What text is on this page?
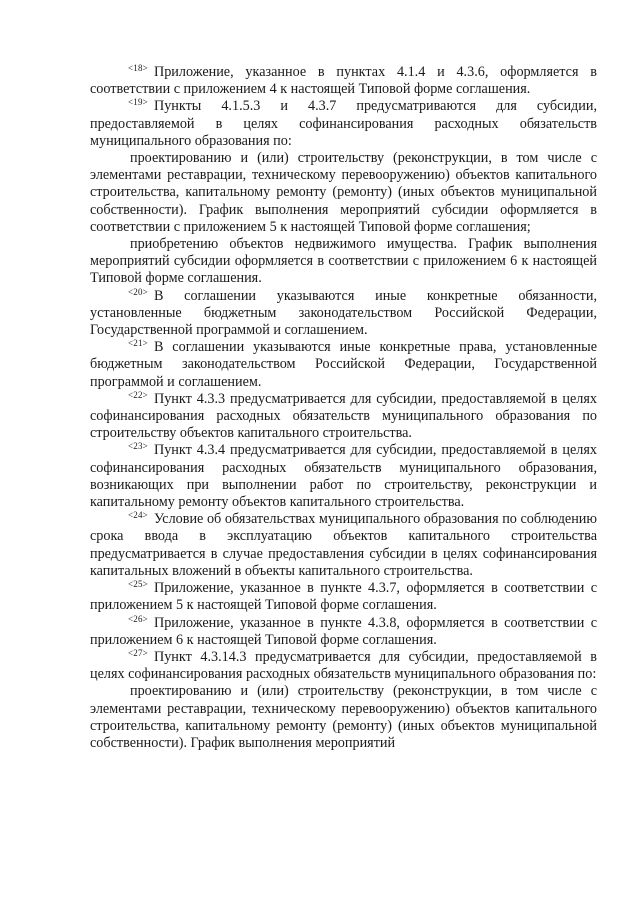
$^{<18>}$ Приложение, указанное в пунктах 4.1.4 и 4.3.6, оформляется в соответствии с приложением 4 к настоящей Типовой форме соглашения.

$^{<19>}$ Пункты 4.1.5.3 и 4.3.7 предусматриваются для субсидии, предоставляемой в целях софинансирования расходных обязательств муниципального образования по:

проектированию и (или) строительству (реконструкции, в том числе с элементами реставрации, техническому перевооружению) объектов капитального строительства, капитальному ремонту (ремонту) (иных объектов муниципальной собственности). График выполнения мероприятий субсидии оформляется в соответствии с приложением 5 к настоящей Типовой форме соглашения;

приобретению объектов недвижимого имущества. График выполнения мероприятий субсидии оформляется в соответствии с приложением 6 к настоящей Типовой форме соглашения.

$^{<20>}$ В соглашении указываются иные конкретные обязанности, установленные бюджетным законодательством Российской Федерации, Государственной программой и соглашением.

$^{<21>}$ В соглашении указываются иные конкретные права, установленные бюджетным законодательством Российской Федерации, Государственной программой и соглашением.

$^{<22>}$ Пункт 4.3.3 предусматривается для субсидии, предоставляемой в целях софинансирования расходных обязательств муниципального образования по строительству объектов капитального строительства.

$^{<23>}$ Пункт 4.3.4 предусматривается для субсидии, предоставляемой в целях софинансирования расходных обязательств муниципального образования, возникающих при выполнении работ по строительству, реконструкции и капитальному ремонту объектов капитального строительства.

$^{<24>}$ Условие об обязательствах муниципального образования по соблюдению срока ввода в эксплуатацию объектов капитального строительства предусматривается в случае предоставления субсидии в целях софинансирования капитальных вложений в объекты капитального строительства.

$^{<25>}$ Приложение, указанное в пункте 4.3.7, оформляется в соответствии с приложением 5 к настоящей Типовой форме соглашения.

$^{<26>}$ Приложение, указанное в пункте 4.3.8, оформляется в соответствии с приложением 6 к настоящей Типовой форме соглашения.

$^{<27>}$ Пункт 4.3.14.3 предусматривается для субсидии, предоставляемой в целях софинансирования расходных обязательств муниципального образования по:

проектированию и (или) строительству (реконструкции, в том числе с элементами реставрации, техническому перевооружению) объектов капитального строительства, капитальному ремонту (ремонту) (иных объектов муниципальной собственности). График выполнения мероприятий
